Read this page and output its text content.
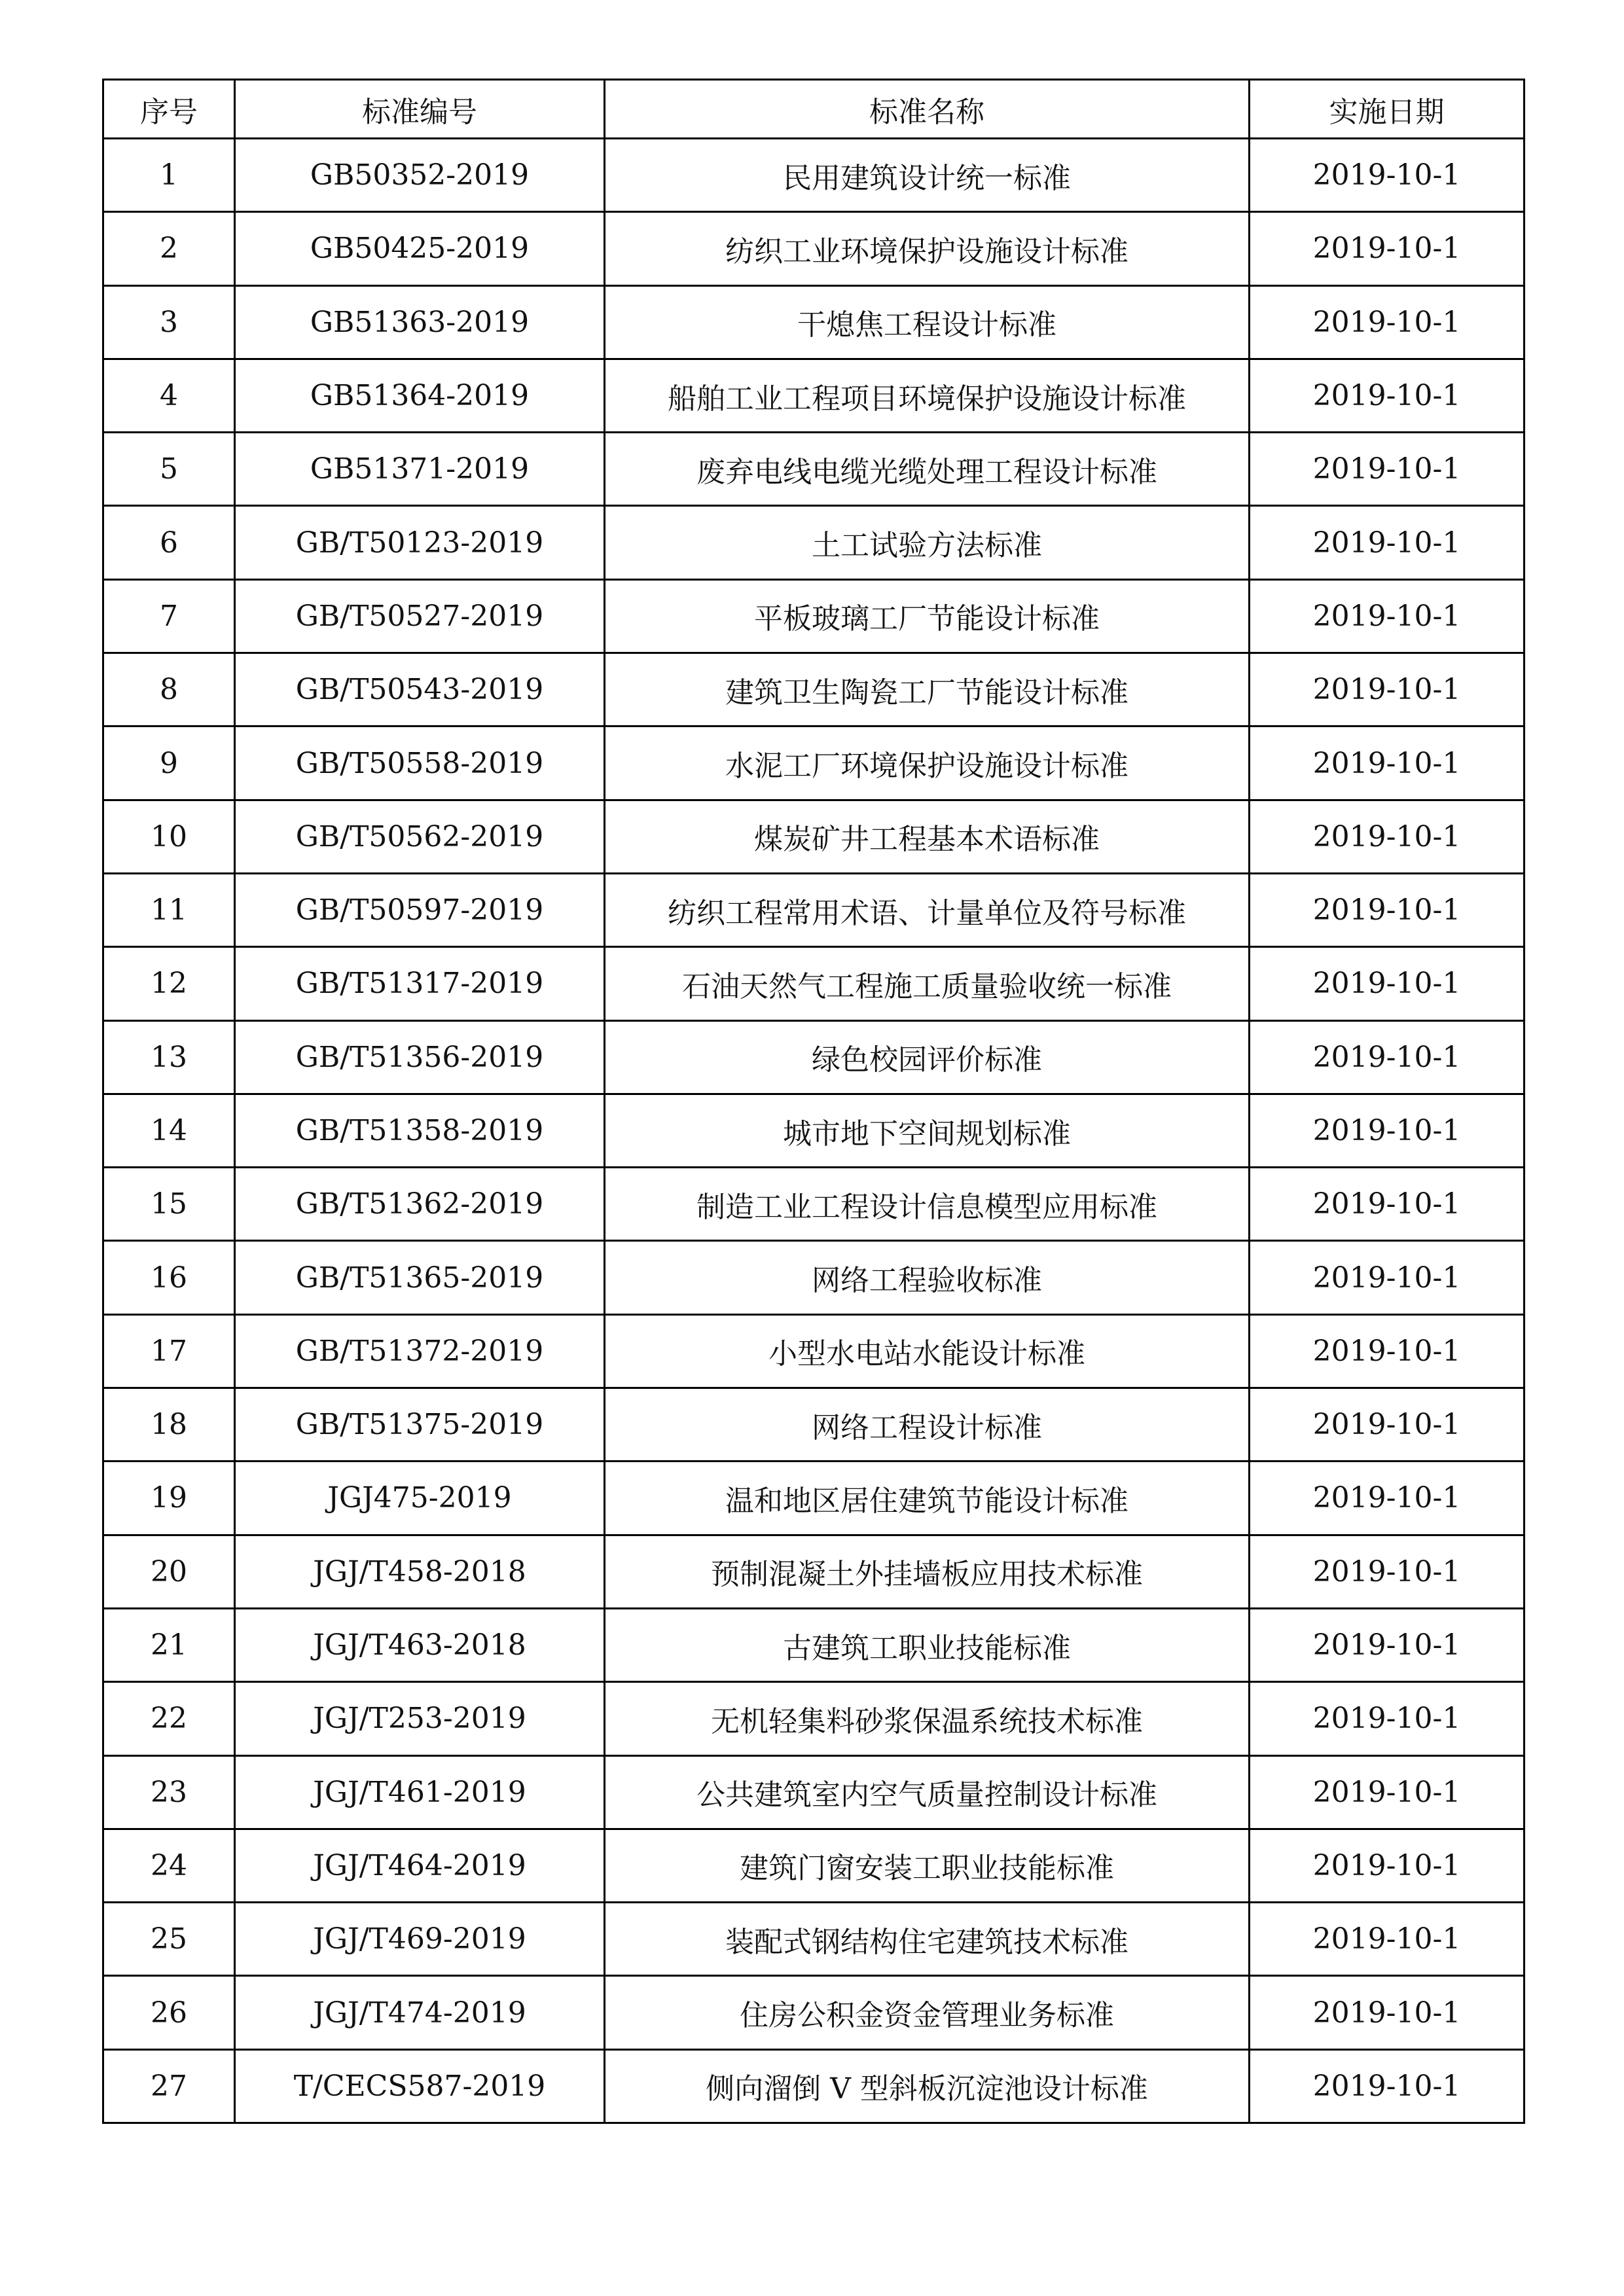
序号	标准编号	标准名称	实施日期
1	GB50352-2019	民用建筑设计统一标准	2019-10-1
2	GB50425-2019	纺织工业环境保护设施设计标准	2019-10-1
3	GB51363-2019	干熄焦工程设计标准	2019-10-1
4	GB51364-2019	船舶工业工程项目环境保护设施设计标准	2019-10-1
5	GB51371-2019	废弃电线电缆光缆处理工程设计标准	2019-10-1
6	GB/T50123-2019	土工试验方法标准	2019-10-1
7	GB/T50527-2019	平板玻璃工厂节能设计标准	2019-10-1
8	GB/T50543-2019	建筑卫生陶瓷工厂节能设计标准	2019-10-1
9	GB/T50558-2019	水泥工厂环境保护设施设计标准	2019-10-1
10	GB/T50562-2019	煤炭矿井工程基本术语标准	2019-10-1
11	GB/T50597-2019	纺织工程常用术语、计量单位及符号标准	2019-10-1
12	GB/T51317-2019	石油天然气工程施工质量验收统一标准	2019-10-1
13	GB/T51356-2019	绿色校园评价标准	2019-10-1
14	GB/T51358-2019	城市地下空间规划标准	2019-10-1
15	GB/T51362-2019	制造工业工程设计信息模型应用标准	2019-10-1
16	GB/T51365-2019	网络工程验收标准	2019-10-1
17	GB/T51372-2019	小型水电站水能设计标准	2019-10-1
18	GB/T51375-2019	网络工程设计标准	2019-10-1
19	JGJ475-2019	温和地区居住建筑节能设计标准	2019-10-1
20	JGJ/T458-2018	预制混凝土外挂墙板应用技术标准	2019-10-1
21	JGJ/T463-2018	古建筑工职业技能标准	2019-10-1
22	JGJ/T253-2019	无机轻集料砂浆保温系统技术标准	2019-10-1
23	JGJ/T461-2019	公共建筑室内空气质量控制设计标准	2019-10-1
24	JGJ/T464-2019	建筑门窗安装工职业技能标准	2019-10-1
25	JGJ/T469-2019	装配式钢结构住宅建筑技术标准	2019-10-1
26	JGJ/T474-2019	住房公积金资金管理业务标准	2019-10-1
27	T/CECS587-2019	侧向溜倒 V 型斜板沉淀池设计标准	2019-10-1
